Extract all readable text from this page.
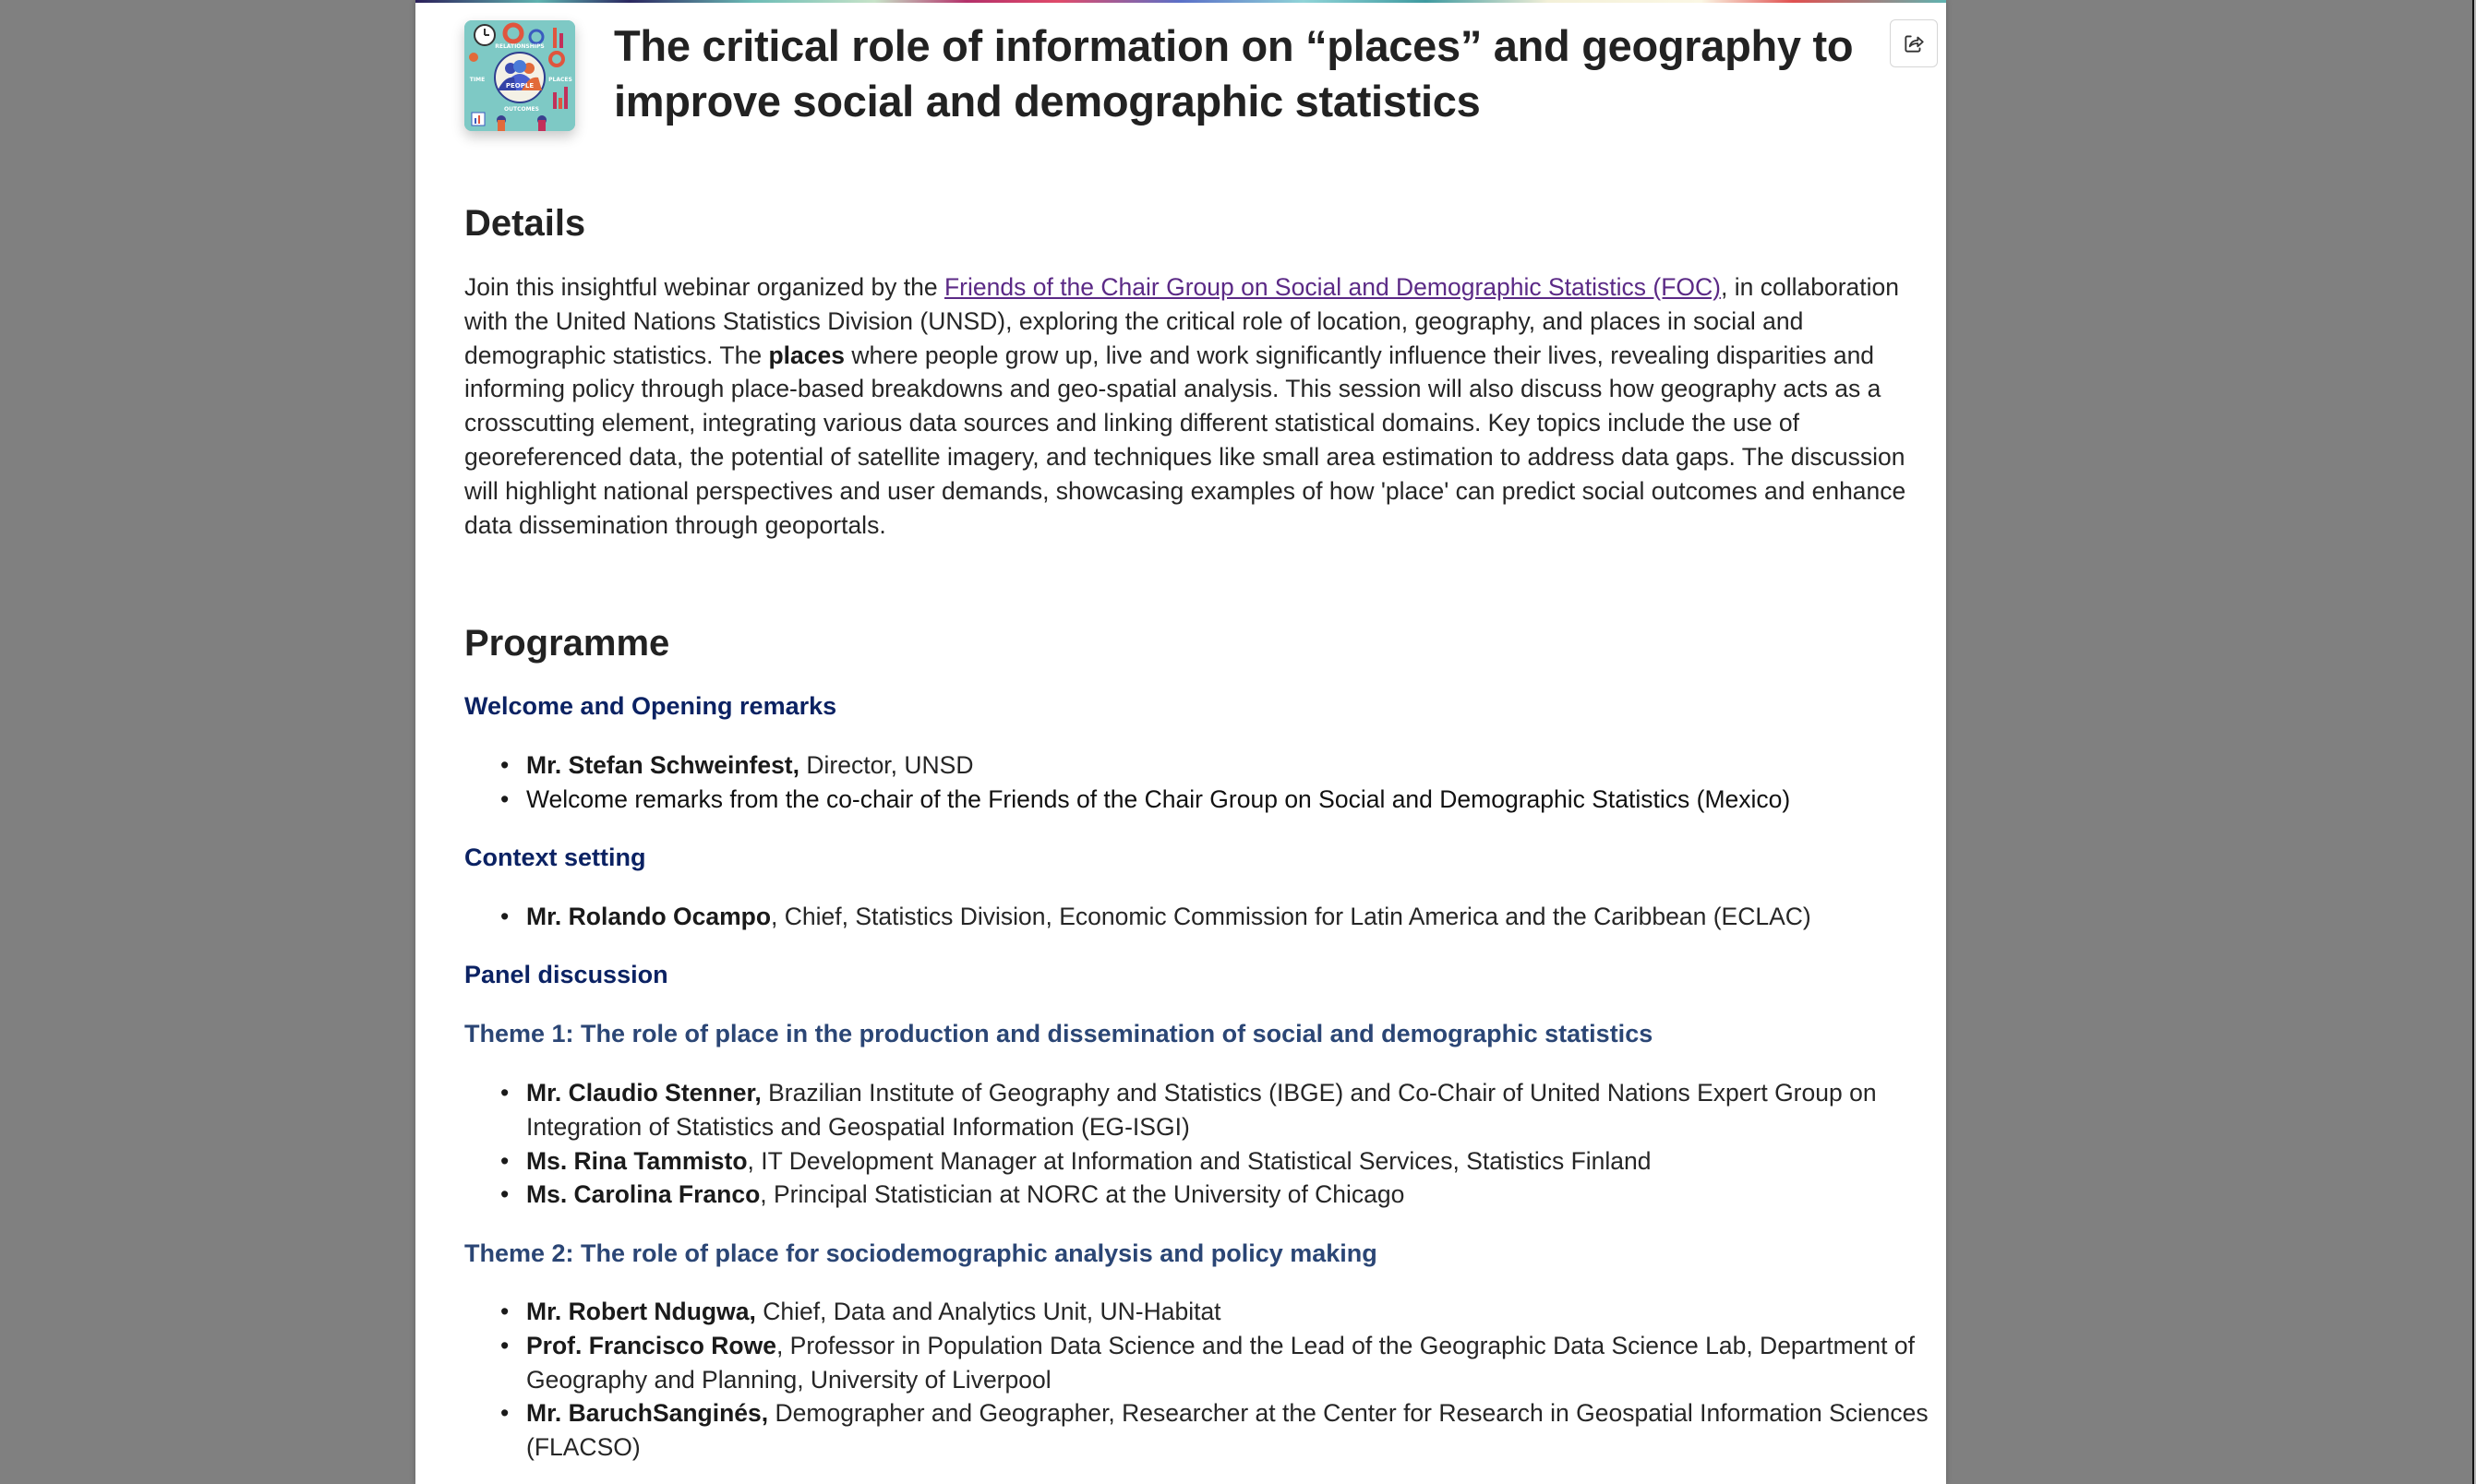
PEOPLE
RELATIONSHIPS
TIME	PLACES
OUTCOMES
The critical role of information on “places” and geography to improve social and demographic statistics
Details

Join this insightful webinar organized by the Friends of the Chair Group on Social and Demographic Statistics (FOC), in collaboration with the United Nations Statistics Division (UNSD), exploring the critical role of location, geography, and places in social and demographic statistics. The places where people grow up, live and work significantly influence their lives, revealing disparities and informing policy through place-based breakdowns and geo-spatial analysis. This session will also discuss how geography acts as a crosscutting element, integrating various data sources and linking different statistical domains. Key topics include the use of georeferenced data, the potential of satellite imagery, and techniques like small area estimation to address data gaps. The discussion will highlight national perspectives and user demands, showcasing examples of how 'place' can predict social outcomes and enhance data dissemination through geoportals.

Programme
Welcome and Opening remarks
• Mr. Stefan Schweinfest, Director, UNSD
• Welcome remarks from the co-chair of the Friends of the Chair Group on Social and Demographic Statistics (Mexico)
Context setting
• Mr. Rolando Ocampo, Chief, Statistics Division, Economic Commission for Latin America and the Caribbean (ECLAC)
Panel discussion
Theme 1: The role of place in the production and dissemination of social and demographic statistics
• Mr. Claudio Stenner, Brazilian Institute of Geography and Statistics (IBGE) and Co-Chair of United Nations Expert Group on Integration of Statistics and Geospatial Information (EG-ISGI)
• Ms. Rina Tammisto, IT Development Manager at Information and Statistical Services, Statistics Finland
• Ms. Carolina Franco, Principal Statistician at NORC at the University of Chicago
Theme 2: The role of place for sociodemographic analysis and policy making
• Mr. Robert Ndugwa, Chief, Data and Analytics Unit, UN-Habitat
• Prof. Francisco Rowe, Professor in Population Data Science and the Lead of the Geographic Data Science Lab, Department of Geography and Planning, University of Liverpool
• Mr. BaruchSanginés, Demographer and Geographer, Researcher at the Center for Research in Geospatial Information Sciences (FLACSO)
